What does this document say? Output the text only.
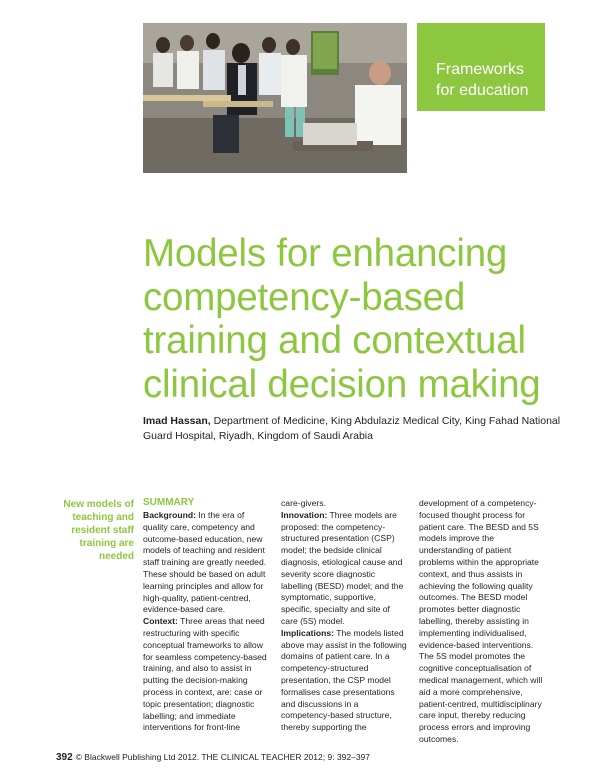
Frameworks
for education
Models for enhancing competency-based training and contextual clinical decision making
Imad Hassan, Department of Medicine, King Abdulaziz Medical City, King Fahad National Guard Hospital, Riyadh, Kingdom of Saudi Arabia
New models of teaching and resident staff training are needed
SUMMARY

Background: In the era of quality care, competency and outcome-based education, new models of teaching and resident staff training are greatly needed. These should be based on adult learning principles and allow for high-quality, patient-centred, evidence-based care.

Context: Three areas that need restructuring with specific conceptual frameworks to allow for seamless competency-based training, and also to assist in putting the decision-making process in context, are: case or topic presentation; diagnostic labelling; and immediate interventions for front-line

care-givers.

Innovation: Three models are proposed: the competency-structured presentation (CSP) model; the bedside clinical diagnosis, etiological cause and severity score diagnostic labelling (BESD) model; and the symptomatic, supportive, specific, specialty and site of care (5S) model.

Implications: The models listed above may assist in the following domains of patient care. In a competency-structured presentation, the CSP model formalises case presentations and discussions in a competency-based structure, thereby supporting the

development of a competency-focused thought process for patient care. The BESD and 5S models improve the understanding of patient problems within the appropriate context, and thus assists in achieving the following quality outcomes. The BESD model promotes better diagnostic labelling, thereby assisting in implementing individualised, evidence-based interventions. The 5S model promotes the cognitive conceptualisation of medical management, which will aid a more comprehensive, patient-centred, multidisciplinary care input, thereby reducing process errors and improving outcomes.

392 © Blackwell Publishing Ltd 2012. THE CLINICAL TEACHER 2012; 9: 392–397
